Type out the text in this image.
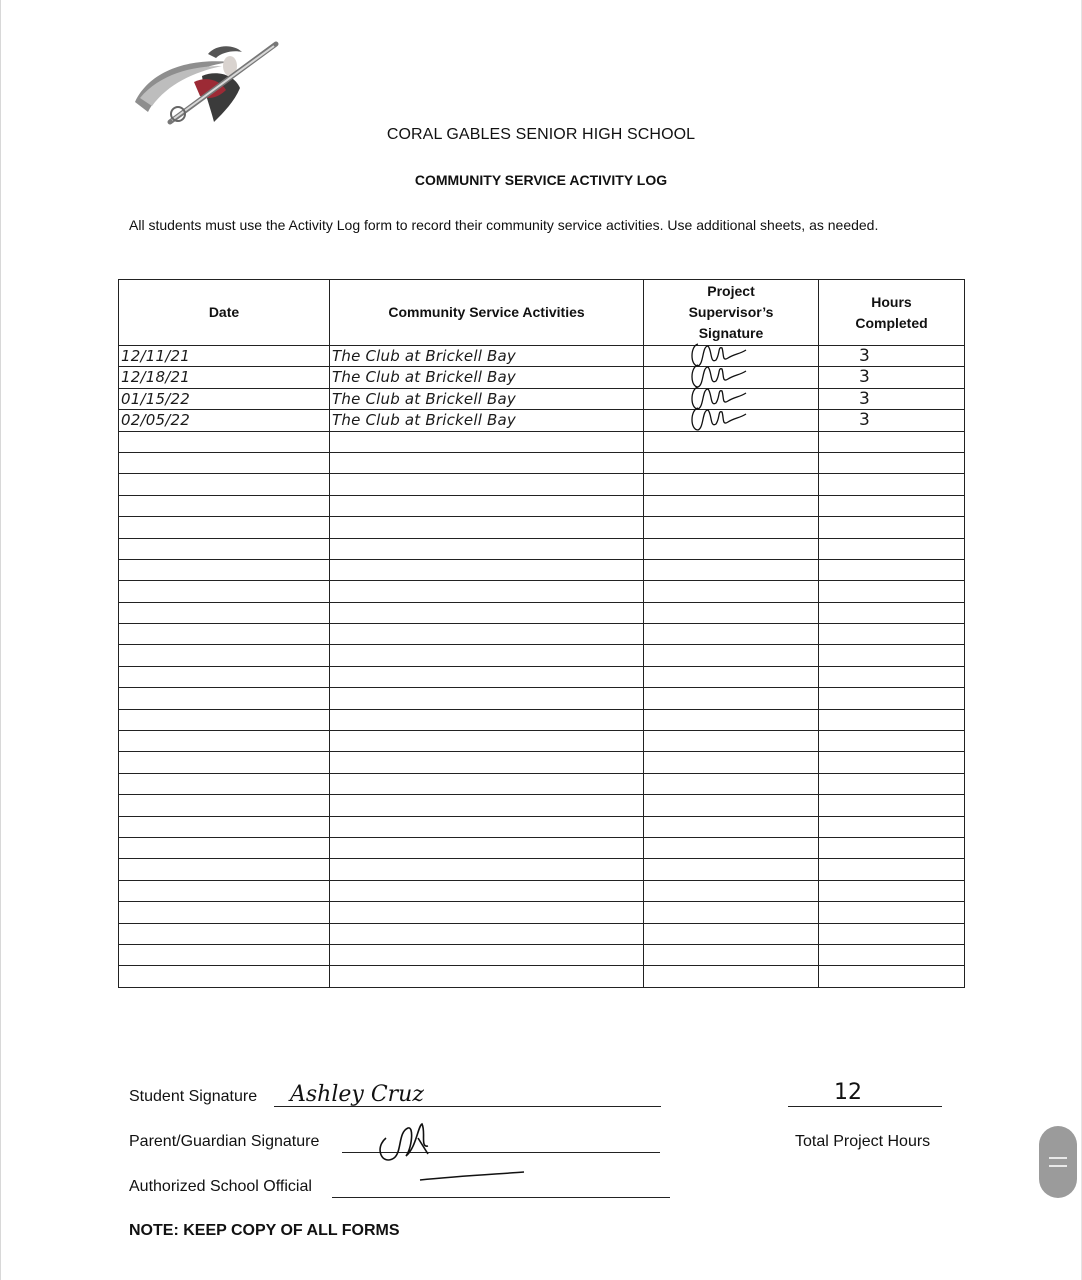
CORAL GABLES SENIOR HIGH SCHOOL
COMMUNITY SERVICE ACTIVITY LOG
All students must use the Activity Log form to record their community service activities. Use additional sheets, as needed.
Date	Community Service Activities	Project Supervisor’s Signature	Hours Completed

12/11/21	The Club at Brickell Bay		3

12/18/21	The Club at Brickell Bay		3

01/15/22	The Club at Brickell Bay		3

02/05/22	The Club at Brickell Bay		3

Student Signature Ashley Cruz
Parent/Guardian Signature
Authorized School Official
12
Total Project Hours
NOTE: KEEP COPY OF ALL FORMS
